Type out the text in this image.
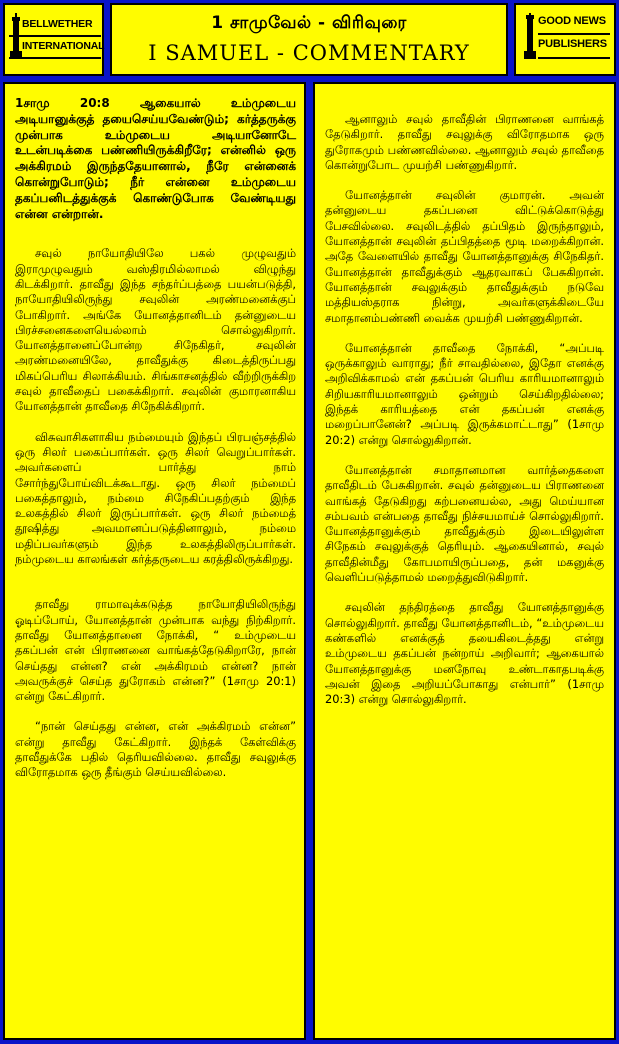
BELLWETHER
INTERNATIONAL
1 சாமுவேல் - விரிவுரை
I SAMUEL - COMMENTARY
GOOD NEWS
PUBLISHERS

1சாமு 20:8 ஆகையால் உம்முடைய அடியானுக்குத் தயைசெய்யவேண்டும்; கர்த்தருக்கு முன்பாக உம்முடைய அடியானோடே உடன்படிக்கை பண்ணியிருக்கிறீரே; என்னில் ஒரு அக்கிரமம் இருந்ததேயானால், நீரே என்னைக் கொன்றுபோடும்; நீர் என்னை உம்முடைய தகப்பனிடத்துக்குக் கொண்டுபோக வேண்டியது என்ன என்றான்.

சவுல் நாயோதியிலே பகல் முழுவதும் இராமுழுவதும் வஸ்திரமில்லாமல் விழுந்து கிடக்கிறார். தாவீது இந்த சந்தர்ப்பத்தை பயன்படுத்தி, நாயோதியிலிருந்து சவுலின் அரண்மனைக்குப் போகிறார். அங்கே யோனத்தானிடம் தன்னுடைய பிரச்சனைகளையெல்லாம் சொல்லுகிறார். யோனத்தானைப்போன்ற சிநேகிதர், சவுலின் அரண்மனையிலே, தாவீதுக்கு கிடைத்திருப்பது மிகப்பெரிய சிலாக்கியம். சிங்காசனத்தில் வீற்றிருக்கிற சவுல் தாவீதைப் பகைக்கிறார். சவுலின் குமாரனாகிய யோனத்தான் தாவீதை சிநேகிக்கிறார்.

விசுவாசிகளாகிய நம்மையும் இந்தப் பிரபஞ்சத்தில் ஒரு சிலர் பகைப்பார்கள். ஒரு சிலர் வெறுப்பார்கள். அவர்களைப் பார்த்து நாம் சோர்ந்துபோய்விடக்கூடாது. ஒரு சிலர் நம்மைப் பகைத்தாலும், நம்மை சிநேகிப்பதற்கும் இந்த உலகத்தில் சிலர் இருப்பார்கள். ஒரு சிலர் நம்மைத் தூஷித்து அவமானப்படுத்தினாலும், நம்மை மதிப்பவர்களும் இந்த உலகத்திலிருப்பார்கள். நம்முடைய காலங்கள் கர்த்தருடைய கரத்திலிருக்கிறது.

தாவீது ராமாவுக்கடுத்த நாயோதியிலிருந்து ஓடிப்போய், யோனத்தான் முன்பாக வந்து நிற்கிறார். தாவீது யோனத்தானை நோக்கி, “ உம்முடைய தகப்பன் என் பிராணனை வாங்கத்தேடுகிறாரே, நான் செய்தது என்ன? என் அக்கிரமம் என்ன? நான் அவருக்குச் செய்த துரோகம் என்ன?” (1சாமு 20:1) என்று கேட்கிறார்.

“நான் செய்தது என்ன, என் அக்கிரமம் என்ன” என்று தாவீது கேட்கிறார். இந்தக் கேள்விக்கு தாவீதுக்கே பதில் தெரியவில்லை. தாவீது சவுலுக்கு விரோதமாக ஒரு தீங்கும் செய்யவில்லை.

ஆனாலும் சவுல் தாவீதின் பிராணனை வாங்கத் தேடுகிறார். தாவீது சவுலுக்கு விரோதமாக ஒரு துரோகமும் பண்ணவில்லை. ஆனாலும் சவுல் தாவீதை கொன்றுபோட முயற்சி பண்ணுகிறார்.

யோனத்தான் சவுலின் குமாரன். அவன் தன்னுடைய தகப்பனை விட்டுக்கொடுத்து பேசவில்லை. சவுலிடத்தில் தப்பிதம் இருந்தாலும், யோனத்தான் சவுலின் தப்பிதத்தை மூடி மறைக்கிறான். அதே வேளையில் தாவீது யோனத்தானுக்கு சிநேகிதர். யோனத்தான் தாவீதுக்கும் ஆதரவாகப் பேசுகிறான். யோனத்தான் சவுலுக்கும் தாவீதுக்கும் நடுவே மத்தியஸ்தராக நின்று, அவர்களுக்கிடையே சமாதானம்பண்ணி வைக்க முயற்சி பண்ணுகிறான்.

யோனத்தான் தாவீதை நோக்கி, “அப்படி ஒருக்காலும் வாராது; நீர் சாவதில்லை, இதோ எனக்கு அறிவிக்காமல் என் தகப்பன் பெரிய காரியமானாலும் சிறியகாரியமானாலும் ஒன்றும் செய்கிறதில்லை; இந்தக் காரியத்தை என் தகப்பன் எனக்கு மறைப்பானேன்? அப்படி இருக்கமாட்டாது” (1சாமு 20:2) என்று சொல்லுகிறான்.

யோனத்தான் சமாதானமான வார்த்தைகளை தாவீதிடம் பேசுகிறான். சவுல் தன்னுடைய பிராணனை வாங்கத் தேடுகிறது கற்பனையல்ல, அது மெய்யான சம்பவம் என்பதை தாவீது நிச்சயமாய்ச் சொல்லுகிறார். யோனத்தானுக்கும் தாவீதுக்கும் இடையிலுள்ள சிநேகம் சவுலுக்குத் தெரியும். ஆகையினால், சவுல் தாவீதின்மீது கோபமாயிருப்பதை, தன் மகனுக்கு வெளிப்படுத்தாமல் மறைத்துவிடுகிறார்.

சவுலின் தந்திரத்தை தாவீது யோனத்தானுக்கு சொல்லுகிறார். தாவீது யோனத்தானிடம், “உம்முடைய கண்களில் எனக்குத் தயைகிடைத்தது என்று உம்முடைய தகப்பன் நன்றாய் அறிவார்; ஆகையால் யோனத்தானுக்கு மனநோவு உண்டாகாதபடிக்கு அவன் இதை அறியப்போகாது என்பார்” (1சாமு 20:3) என்று சொல்லுகிறார்.
